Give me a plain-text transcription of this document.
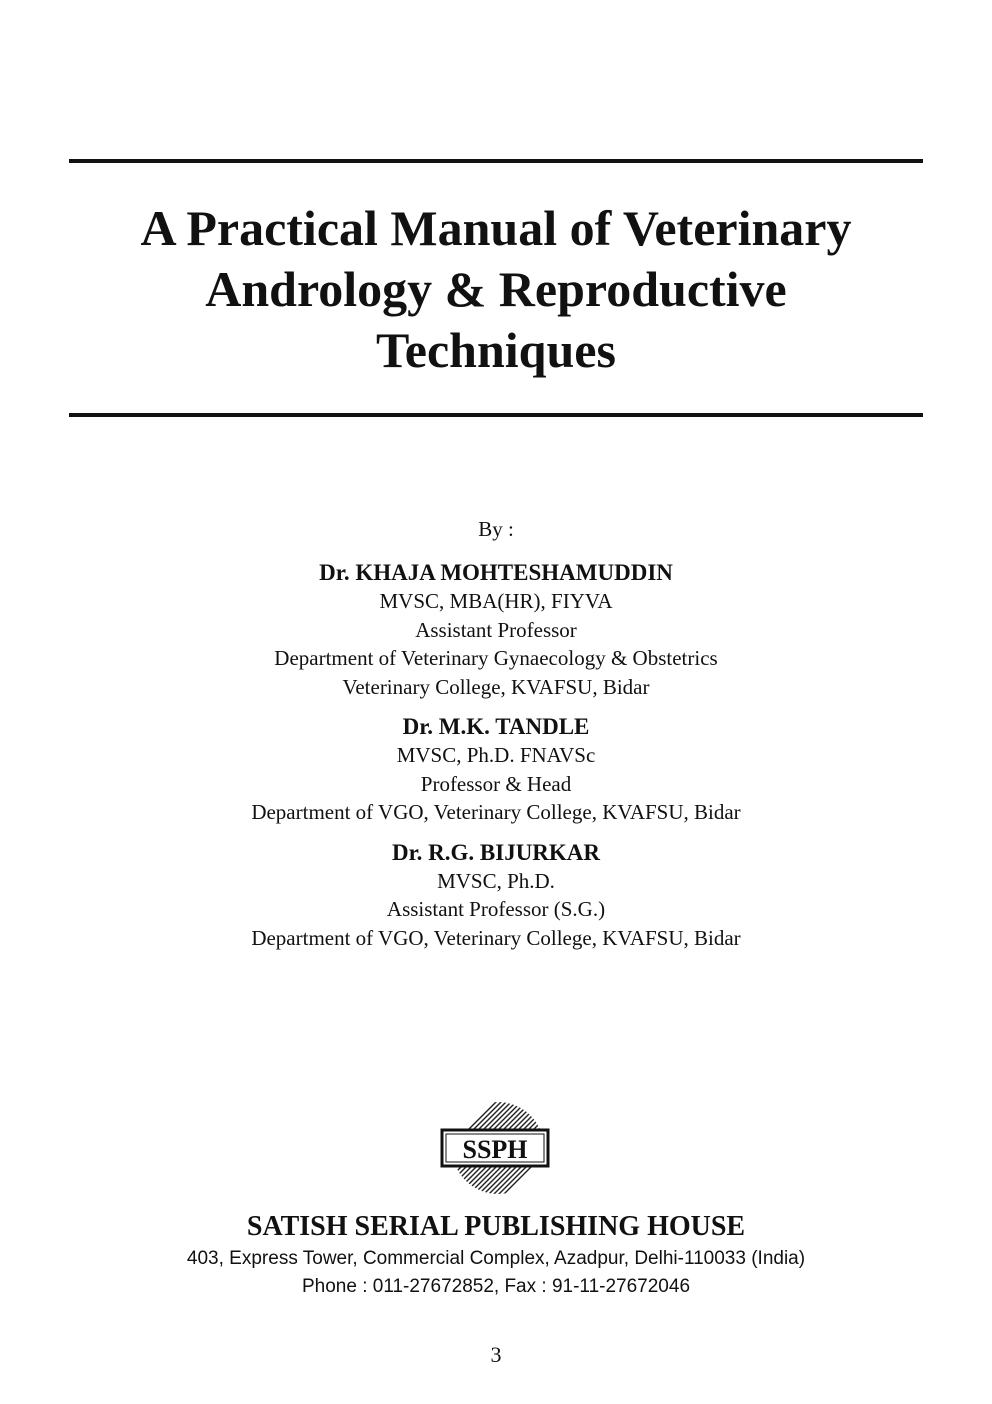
A Practical Manual of Veterinary
Andrology & Reproductive
Techniques
By :
Dr. KHAJA MOHTESHAMUDDIN
MVSC, MBA(HR), FIYVA
Assistant Professor
Department of Veterinary Gynaecology & Obstetrics
Veterinary College, KVAFSU, Bidar
Dr. M.K. TANDLE
MVSC, Ph.D. FNAVSc
Professor & Head
Department of VGO, Veterinary College, KVAFSU, Bidar
Dr. R.G. BIJURKAR
MVSC, Ph.D.
Assistant Professor (S.G.)
Department of VGO, Veterinary College, KVAFSU, Bidar
SSPH
SATISH SERIAL PUBLISHING HOUSE
403, Express Tower, Commercial Complex, Azadpur, Delhi-110033 (India)
Phone : 011-27672852, Fax : 91-11-27672046
3
